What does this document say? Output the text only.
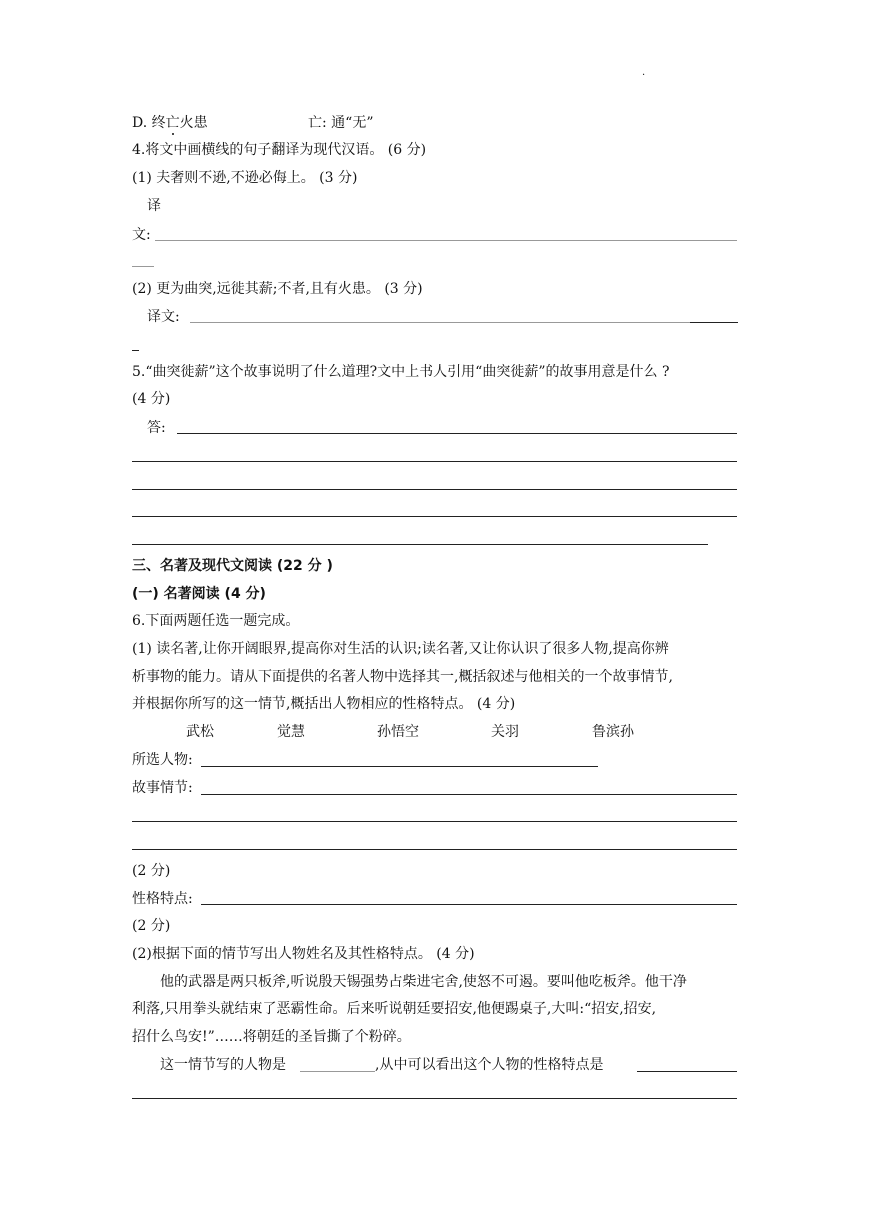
.
D. 终亡火患	亡: 通“无”
4.将文中画横线的句子翻译为现代汉语。 (6 分)
(1) 夫奢则不逊,不逊必侮上。 (3 分)
译
文:
(2) 更为曲突,远徙其薪;不者,且有火患。 (3 分)
译文:
5.“曲突徙薪”这个故事说明了什么道理?文中上书人引用“曲突徙薪”的故事用意是什么 ?
(4 分)
答:
三、名著及现代文阅读 (22 分 )
(一) 名著阅读 (4 分)
6.下面两题任选一题完成。
(1) 读名著,让你开阔眼界,提高你对生活的认识;读名著,又让你认识了很多人物,提高你辨
析事物的能力。请从下面提供的名著人物中选择其一,概括叙述与他相关的一个故事情节,
并根据你所写的这一情节,概括出人物相应的性格特点。 (4 分)
武松	觉慧	孙悟空	关羽	鲁滨孙
所选人物:
故事情节:
(2 分)
性格特点:
(2 分)
(2)根据下面的情节写出人物姓名及其性格特点。 (4 分)
他的武器是两只板斧,听说殷天锡强势占柴进宅舍,使怒不可遏。要叫他吃板斧。他干净
利落,只用拳头就结束了恶霸性命。后来听说朝廷要招安,他便踢桌子,大叫:“招安,招安,
招什么鸟安!”……将朝廷的圣旨撕了个粉碎。
这一情节写的人物是	,从中可以看出这个人物的性格特点是
